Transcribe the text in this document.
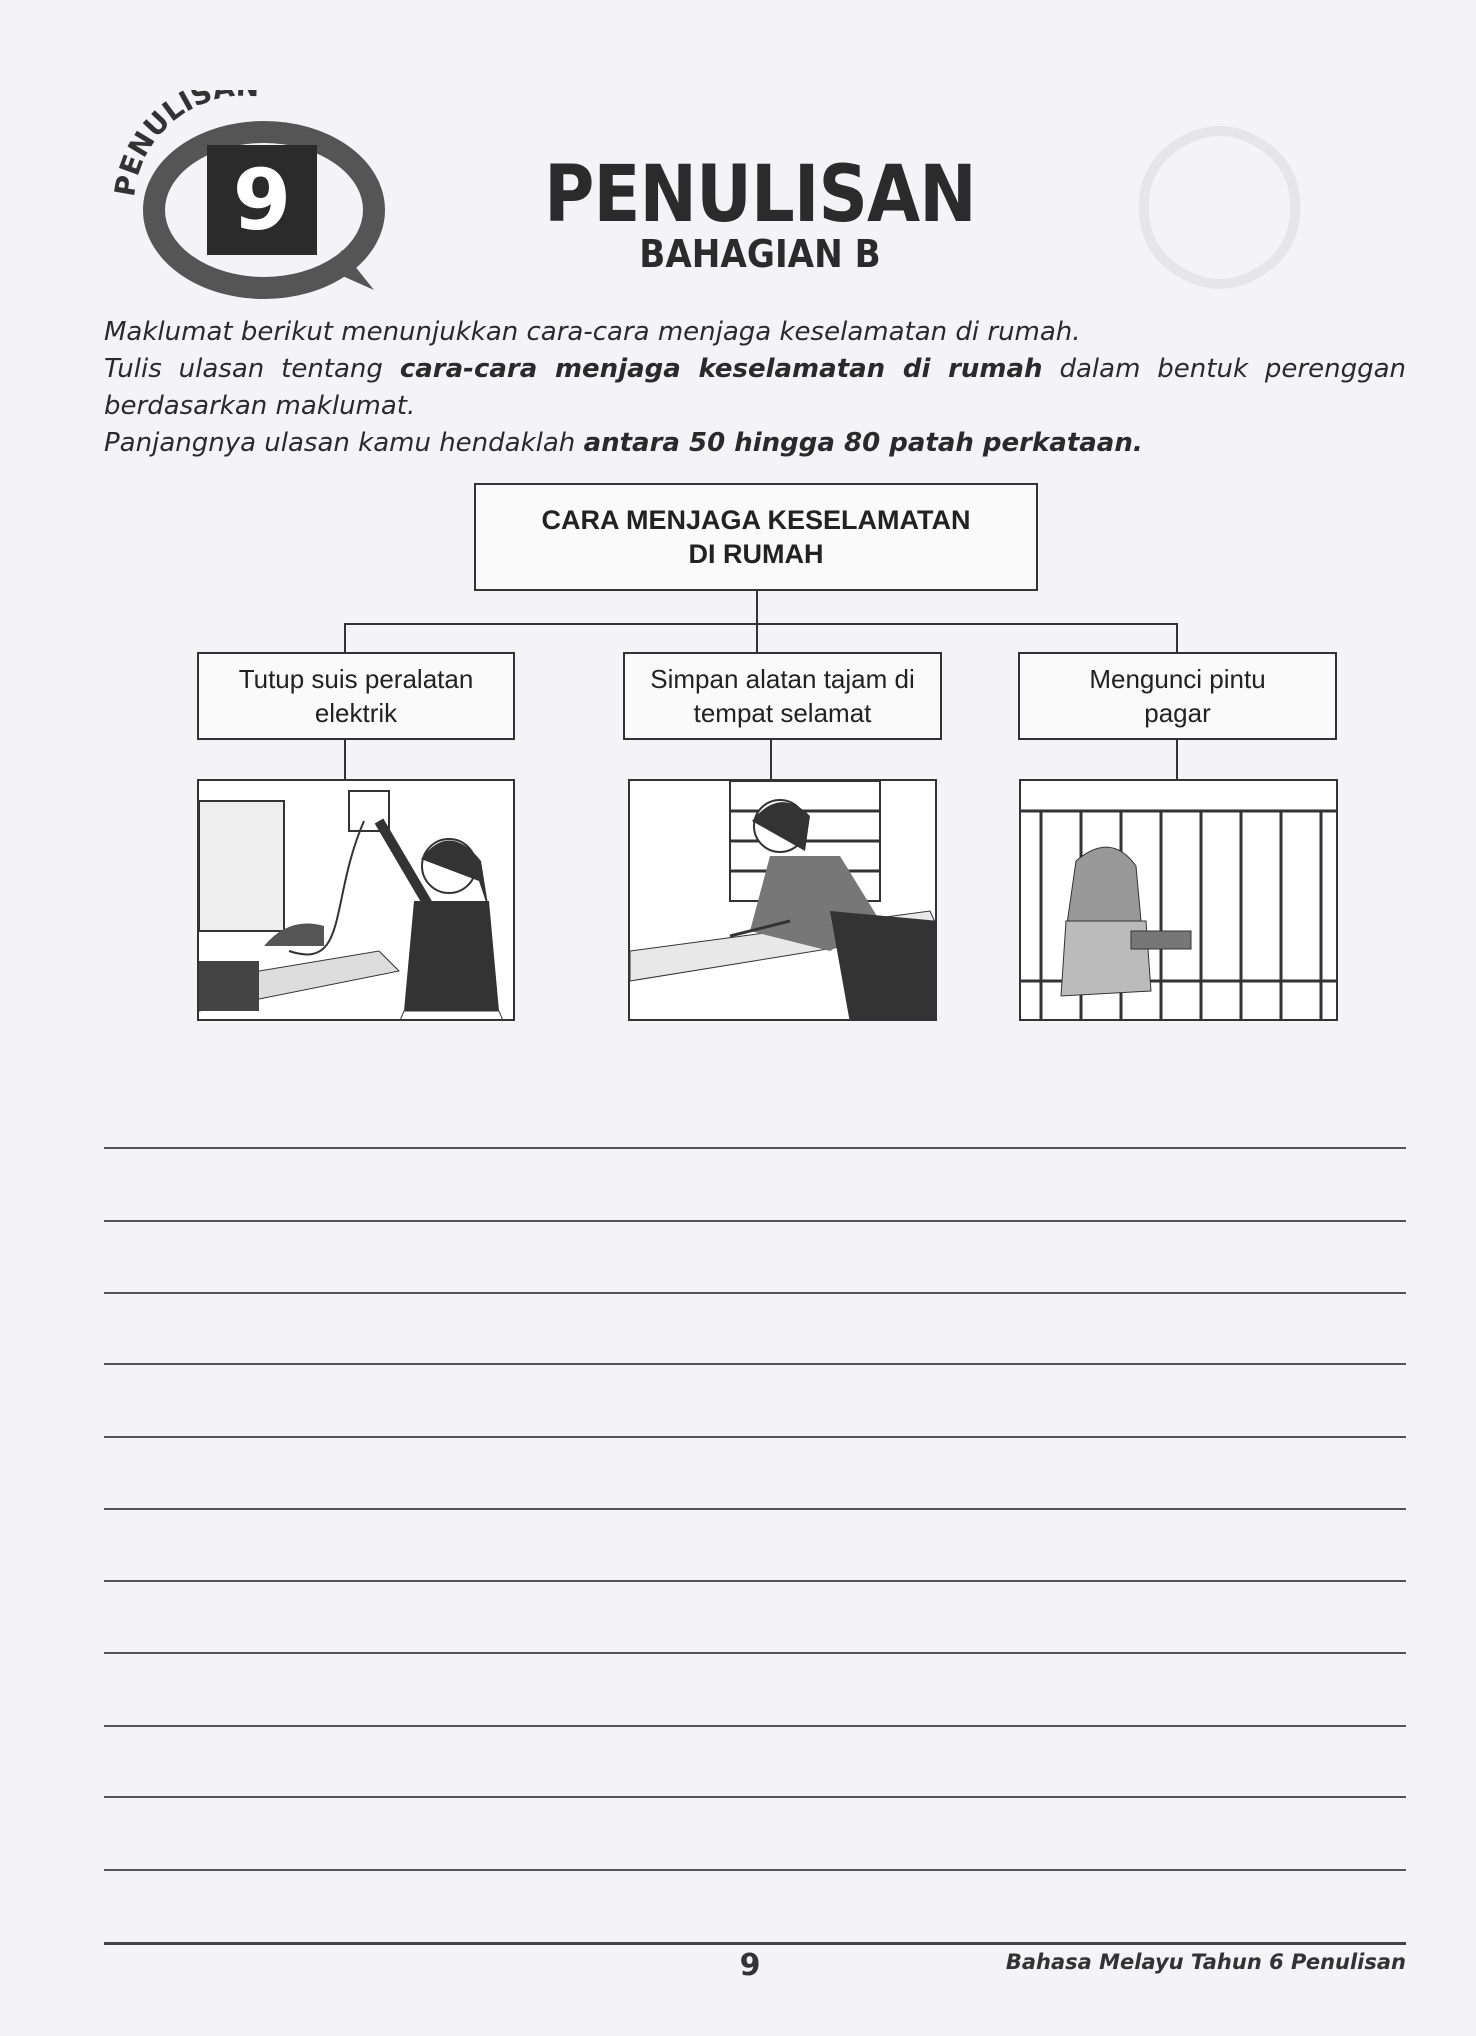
◯
PENULIS
9	PENULISAN
BAHAGIAN B

Maklumat berikut menunjukkan cara-cara menjaga keselamatan di rumah.

Tulis ulasan tentang cara-cara menjaga keselamatan di rumah dalam bentuk perenggan

berdasarkan maklumat.

Panjangnya ulasan kamu hendaklah antara 50 hingga 80 patah perkataan.

CARA MENJAGA KESELAMATAN DI RUMAH
Tutup suis peralatan elektrik
Simpan alatan tajam di tempat selamat
Mengunci pintu pagar
9	Bahasa Melayu Tahun 6 Penulisan
